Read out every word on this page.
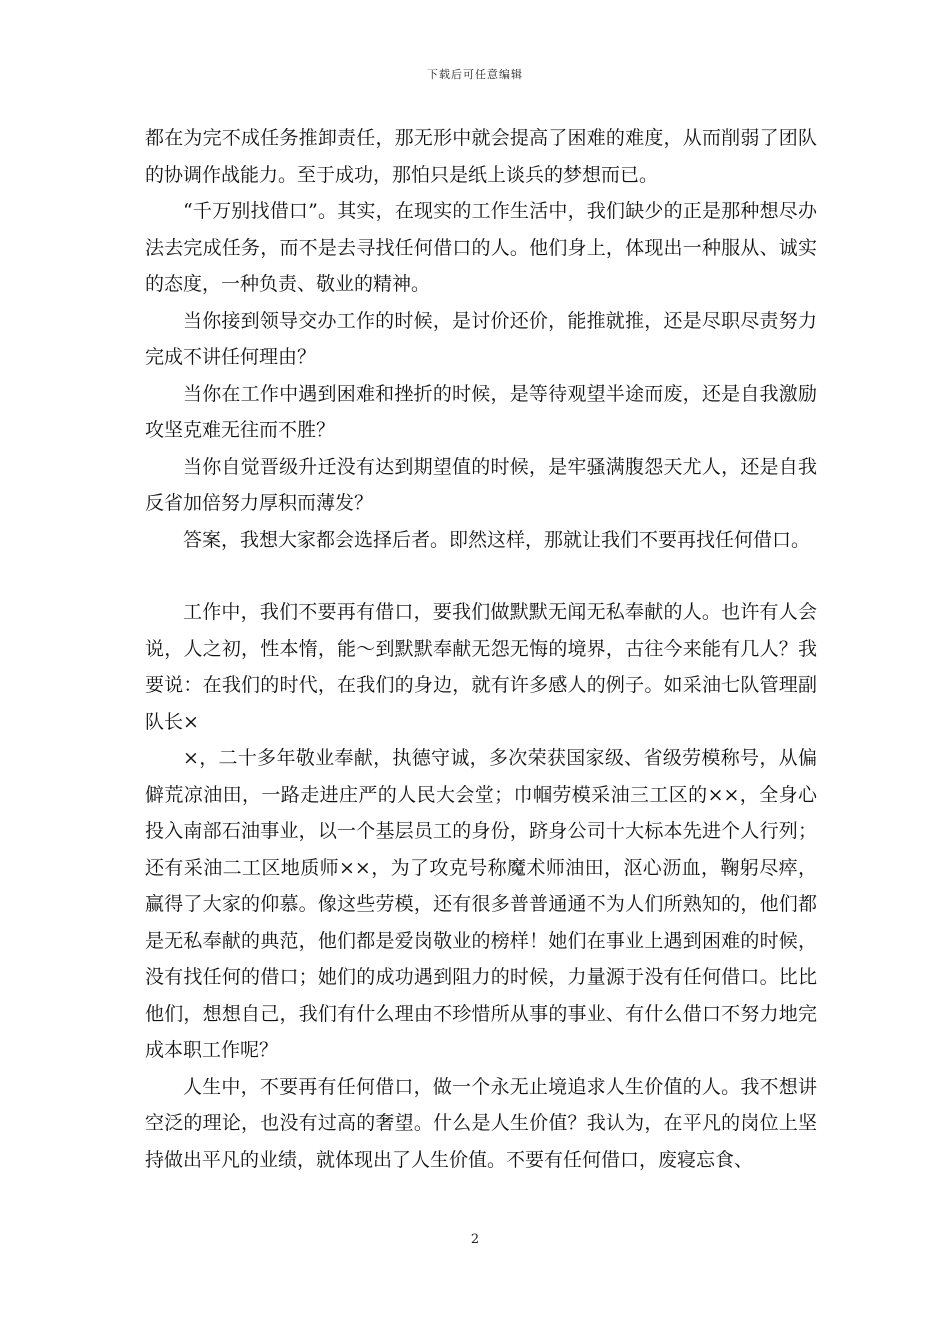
下载后可任意编辑

都在为完不成任务推卸责任，那无形中就会提高了困难的难度，从而削弱了团队的协调作战能力。至于成功，那怕只是纸上谈兵的梦想而已。

“千万别找借口”。其实，在现实的工作生活中，我们缺少的正是那种想尽办法去完成任务，而不是去寻找任何借口的人。他们身上，体现出一种服从、诚实的态度，一种负责、敬业的精神。

当你接到领导交办工作的时候，是讨价还价，能推就推，还是尽职尽责努力完成不讲任何理由？

当你在工作中遇到困难和挫折的时候，是等待观望半途而废，还是自我激励攻坚克难无往而不胜？

当你自觉晋级升迁没有达到期望值的时候，是牢骚满腹怨天尤人，还是自我反省加倍努力厚积而薄发？

答案，我想大家都会选择后者。即然这样，那就让我们不要再找任何借口。

工作中，我们不要再有借口，要我们做默默无闻无私奉献的人。也许有人会说，人之初，性本惰，能～到默默奉献无怨无悔的境界，古往今来能有几人？我要说：在我们的时代，在我们的身边，就有许多感人的例子。如采油七队管理副队长×

×，二十多年敬业奉献，执德守诚，多次荣获国家级、省级劳模称号，从偏僻荒凉油田，一路走进庄严的人民大会堂；巾帼劳模采油三工区的××，全身心投入南部石油事业，以一个基层员工的身份，跻身公司十大标本先进个人行列；还有采油二工区地质师××，为了攻克号称魔术师油田，沤心沥血，鞠躬尽瘁，赢得了大家的仰慕。像这些劳模，还有很多普普通通不为人们所熟知的，他们都是无私奉献的典范，他们都是爱岗敬业的榜样！她们在事业上遇到困难的时候，没有找任何的借口；她们的成功遇到阻力的时候，力量源于没有任何借口。比比他们，想想自己，我们有什么理由不珍惜所从事的事业、有什么借口不努力地完成本职工作呢？

人生中，不要再有任何借口，做一个永无止境追求人生价值的人。我不想讲空泛的理论，也没有过高的奢望。什么是人生价值？我认为，在平凡的岗位上坚持做出平凡的业绩，就体现出了人生价值。不要有任何借口，废寝忘食、

2
